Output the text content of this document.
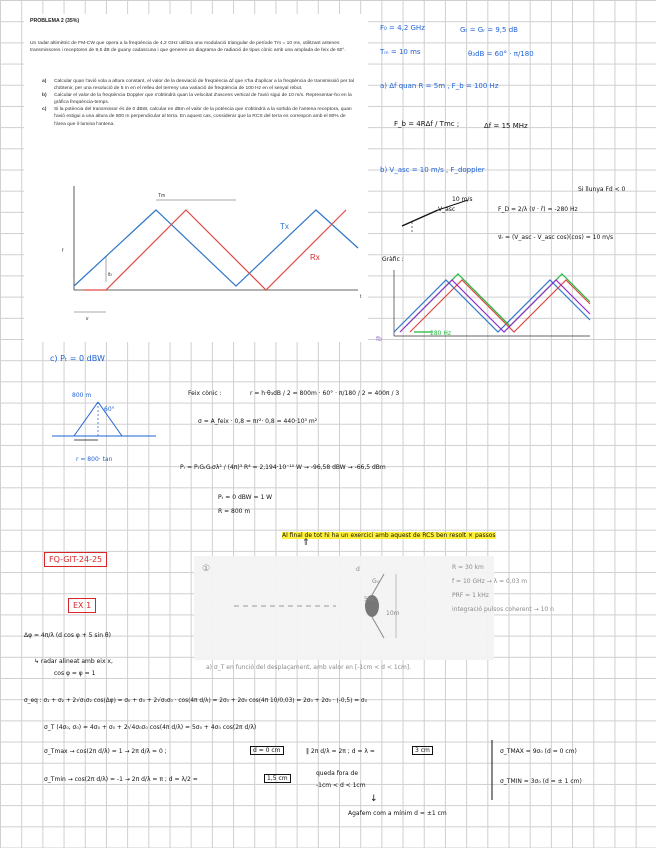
PROBLEMA 2 (35%)
Un radar altimètric de FM-CW que opera a la freqüència de 4,2 GHz utilitza una modulació triangular de període Tm = 10 ms, utilitzant antenes transmissores i receptores de 9,5 dB de guany cadascuna i que generen un diagrama de radiació de tipus cònic amb una amplada de feix de 60°.
a) Calcular quan l'avió vola a altura constant, el valor de la desviació de freqüència Δf que s'ha d'aplicar a la freqüència de transmissió per tal d'obtenir, per una resolució de 5 m en el relleu del terreny una variació de freqüència de 100 Hz en el senyal rebut.
b) Calcular el valor de la freqüència Doppler que s'obtindrà quan la velocitat d'ascens vertical de l'avió sigui de 10 m/s. Representar-ho en la gràfica freqüència-temps.
c) Si la potència del transmissor és de 0 dBW, calcular en dBm el valor de la potència que s'obtindrà a la sortida de l'antena receptora, quan l'avió estigui a una altura de 800 m perpendicular al terra. En aquest cas, considerar que la RCS del terra es correspon amb el 80% de l'àrea que il·lumina l'antena.
Tm
Tx
Rx
f
t
fb
tr
F₀ = 4,2 GHz	Gₜ = Gᵣ = 9,5 dB
Tₘ = 10 ms	θ₃dB = 60° · π/180
a) Δf quan R = 5m , F_b = 100 Hz
F_b = 4RΔf / Tmc ;	Δf = 15 MHz
b) V_asc = 10 m/s , F_doppler
Si llunya Fd < 0
F_D = 2/λ (v⃗ · r̂) = -280 Hz
v⃗ᵣ = (V_asc - V_asc cos)(cos) = 10 m/s
Gràfic :
V_asc
10 m/s
280 Hz
fb
c) Pₜ = 0 dBW
800 m
60°
r = 800· tan
Feix cònic :	r = h·θ₃dB / 2 = 800m · 60° · π/180 / 2 = 400π / 3
σ = A_feix · 0,8 = πr²· 0,8 = 440·10³ m²
Pᵣ = PₜGₜGᵣσλ² / (4π)³ R⁴ = 2,194·10⁻¹⁰ W → -96,58 dBW → -66,5 dBm
Pₜ = 0 dBW = 1 W
R = 800 m
Al final de tot hi ha un exercici amb aquest de RCS ben resolt × passos
⇑
FQ-GIT-24-25
EX 1
①	d
5m
10m
G₀
R = 30 km
f = 10 GHz → λ = 0,03 m
PRF = 1 kHz
integració pulsos coherent → 10 n
a) σ_T en funció del desplaçament, amb valor en [-1cm < d < 1cm].
Δφ = 4π/λ (d cos φ + 5 sin θ)
↳ radar alineat amb eix x,
cos φ = φ = 1
σ_eq : σ₁ + σ₂ + 2√σ₁σ₂ cos(Δφ) = σ₀ + σ₀ + 2√σ₀σ₀ · cos(4π d/λ) = 2σ₀ + 2σ₀ cos(4π 10/0,03) = 2σ₀ + 2σ₀ · (-0,5) = σ₀
σ_T (4σ₀, σ₀) = 4σ₀ + σ₀ + 2√4σ₀σ₀ cos(4π d/λ) = 5σ₀ + 4σ₀ cos(2π d/λ)
σ_Tmax → cos(2π d/λ) = 1 → 2π d/λ = 0 ;	d = 0 cm	‖ 2π d/λ = 2π ; d = λ =	3 cm	σ_TMAX = 9σ₀ (d = 0 cm)
σ_Tmin → cos(2π d/λ) = -1 → 2π d/λ = π ; d = λ/2 =	1,5 cm
queda fora de
-1cm < d < 1cm
σ_TMIN = 3σ₀ (d = ± 1 cm)
↓
Agafem com a mínim d = ±1 cm
